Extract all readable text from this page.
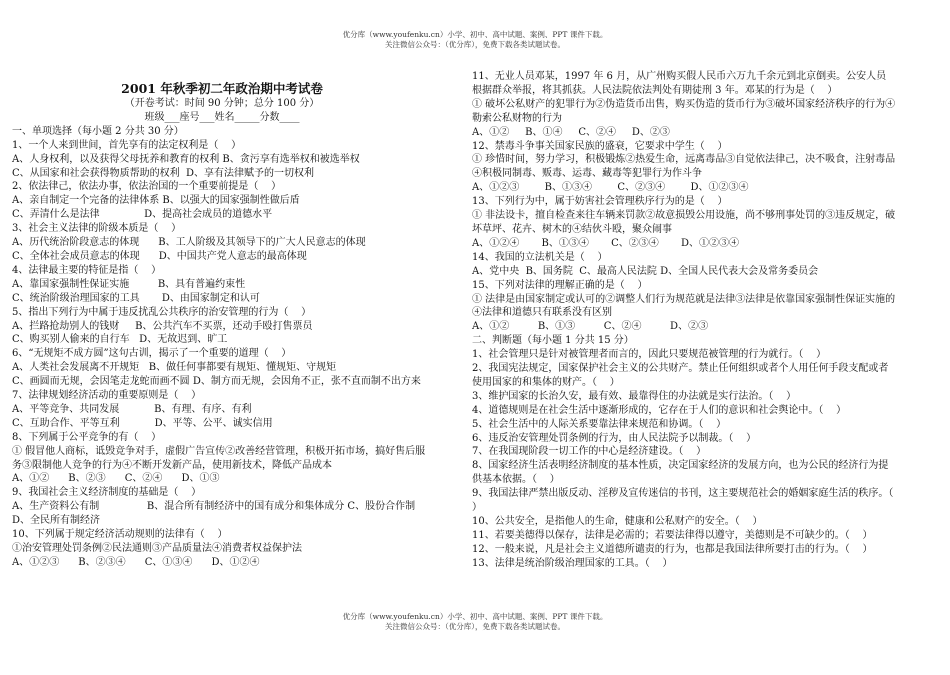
优分库（www.youfenku.cn）小学、初中、高中试题、案例、PPT 课件下载。
关注微信公众号：（优分库），免费下载各类试题试卷。

2001 年秋季初二年政治期中考试卷

（开卷考试：时间 90 分钟；总分 100 分）

班级___座号___姓名_____分数____

一、单项选择（每小题 2 分共 30 分）

1、一个人来到世间，首先享有的法定权利是（    ）

A、人身权利，以及获得父母抚养和教育的权利 B、贪污享有选举权和被选举权

C、从国家和社会获得物质帮助的权利  D、享有法律赋予的一切权利

2、依法律己，依法办事，依法治国的一个重要前提是（    ）

A、亲自制定一个完备的法律体系 B、以强大的国家强制性做后盾

C、弄清什么是法律              D、提高社会成员的道德水平

3、社会主义法律的阶级本质是（    ）

A、历代统治阶段意志的体现      B、工人阶级及其领导下的广大人民意志的体现

C、全体社会成员意志的体现      D、中国共产党人意志的最高体现

4、法律最主要的特征是指（    ）

A、靠国家强制性保证实施         B、具有普遍约束性

C、统治阶级治理国家的工具       D、由国家制定和认可

5、指出下列行为中属于违反扰乱公共秩序的治安管理的行为（    ）

A、拦路抢劫别人的钱财     B、公共汽车不买票，还动手殴打售票员

C、购买别人偷来的自行车   D、无故迟到、旷工

6、“无规矩不成方圆”这句古训，揭示了一个重要的道理（    ）

A、人类社会发展离不开规矩   B、做任何事都要有规矩、懂规矩、守规矩

C、画圆而无规，会因笔走龙蛇而画不圆 D、制方而无规，会因角不正，张不直而制不出方来

7、法律规划经济活动的重要原则是（    ）

A、平等竞争、共同发展           B、有理、有序、有利

C、互助合作、平等互利           D、平等、公平、诚实信用

8、下列属于公平竞争的有（    ）

① 假冒他人商标，诋毁竞争对手，虚假广告宣传②改善经营管理，积极开拓市场，搞好售后服务③限制他人竞争的行为④不断开发新产品，使用新技术，降低产品成本

A、①②      B、②③      C、②④      D、①③

9、我国社会主义经济制度的基础是（    ）

A、生产资料公有制               B、混合所有制经济中的国有成分和集体成分 C、股份合作制              D、全民所有制经济

10、下列属于规定经济活动规则的法律有（    ）

①治安管理处罚条例②民法通则③产品质量法④消费者权益保护法

A、①②③      B、②③④      C、①③④      D、①②④

11、无业人员邓某，1997 年 6 月，从广州购买假人民币六万九千余元到北京倒卖。公安人员根据群众举报，将其抓获。人民法院依法判处有期徒刑 3 年。邓某的行为是（    ）

① 破坏公私财产的犯罪行为②伪造货币出售，购买伪造的货币行为③破坏国家经济秩序的行为④勒索公私财物的行为

A、①②     B、①④     C、②④     D、②③

12、禁毒斗争事关国家民族的盛衰，它要求中学生（    ）

① 珍惜时间，努力学习，积极锻炼②热爱生命，远离毒品③自觉依法律己，决不吸食，注射毒品④积极同制毒、贩毒、运毒、藏毒等犯罪行为作斗争

A、①②③        B、①③④        C、②③④        D、①②③④

13、下列行为中，属于妨害社会管理秩序行为的是（    ）

① 非法设卡，擅自检查来往车辆来罚款②故意损毁公用设施，尚不够刑事处罚的③违反规定，破坏草坪、花卉、树木的④结伙斗殴，聚众闹事

A、①②④       B、①③④       C、②③④       D、①②③④

14、我国的立法机关是（    ）

A、党中央  B、国务院  C、最高人民法院 D、全国人民代表大会及常务委员会

15、下列对法律的理解正确的是（    ）

① 法律是由国家制定或认可的②调整人们行为规范就是法律③法律是依靠国家强制性保证实施的④法律和道德只有联系没有区别

A、①②         B、①③         C、②④         D、②③

二、判断题（每小题 1 分共 15 分）

1、社会管理只是针对被管理者而言的，因此只要规范被管理的行为就行。（    ）

2、我国宪法规定，国家保护社会主义的公共财产。禁止任何组织或者个人用任何手段支配或者使用国家的和集体的财产。（    ）

3、维护国家的长治久安，最有效、最靠得住的办法就是实行法治。（    ）

4、道德规则是在社会生活中逐渐形成的，它存在于人们的意识和社会舆论中。（    ）

5、社会生活中的人际关系要靠法律来规范和协调。（    ）

6、违反治安管理处罚条例的行为，由人民法院予以制裁。（    ）

7、在我国现阶段一切工作的中心是经济建设。（    ）

8、国家经济生活表明经济制度的基本性质，决定国家经济的发展方向，也为公民的经济行为提供基本依据。（    ）

9、我国法律严禁出版反动、淫秽及宣传迷信的书刊，这主要规范社会的婚姻家庭生活的秩序。（    ）

10、公共安全，是指他人的生命，健康和公私财产的安全。（    ）

11、若要美德得以保存，法律是必需的；若要法律得以遵守，美德则是不可缺少的。（    ）

12、一般来说，凡是社会主义道德所谴责的行为，也都是我国法律所要打击的行为。（    ）

13、法律是统治阶级治理国家的工具。（    ）

优分库（www.youfenku.cn）小学、初中、高中试题、案例、PPT 课件下载。
关注微信公众号：（优分库），免费下载各类试题试卷。
